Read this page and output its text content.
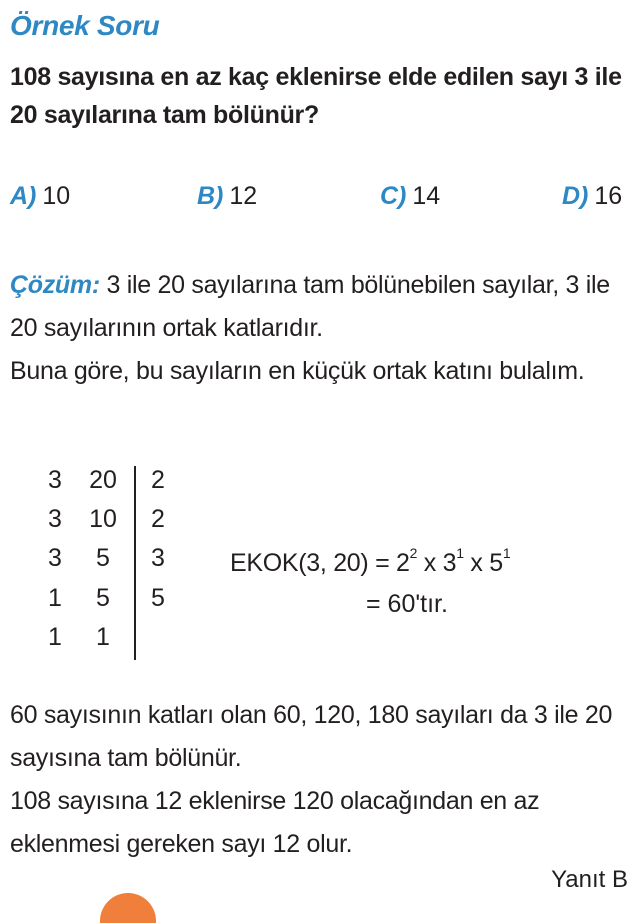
Örnek Soru
108 sayısına en az kaç eklenirse elde edilen sayı 3 ile 20 sayılarına tam bölünür?
A) 10	B) 12	C) 14	D) 16
Çözüm: 3 ile 20 sayılarına tam bölünebilen sayılar, 3 ile 20 sayılarının ortak katlarıdır.
Buna göre, bu sayıların en küçük ortak katını bulalım.
3	20	2
3	10	2
3	5	3
1	5	5
1	1
EKOK(3, $20) = 2^2$ x $3^1$ x $5^1$
= 60'tır.
60 sayısının katları olan 60, 120, 180 sayıları da 3 ile 20 sayısına tam bölünür.
108 sayısına 12 eklenirse 120 olacağından en az eklenmesi gereken sayı 12 olur.
Yanıt B
